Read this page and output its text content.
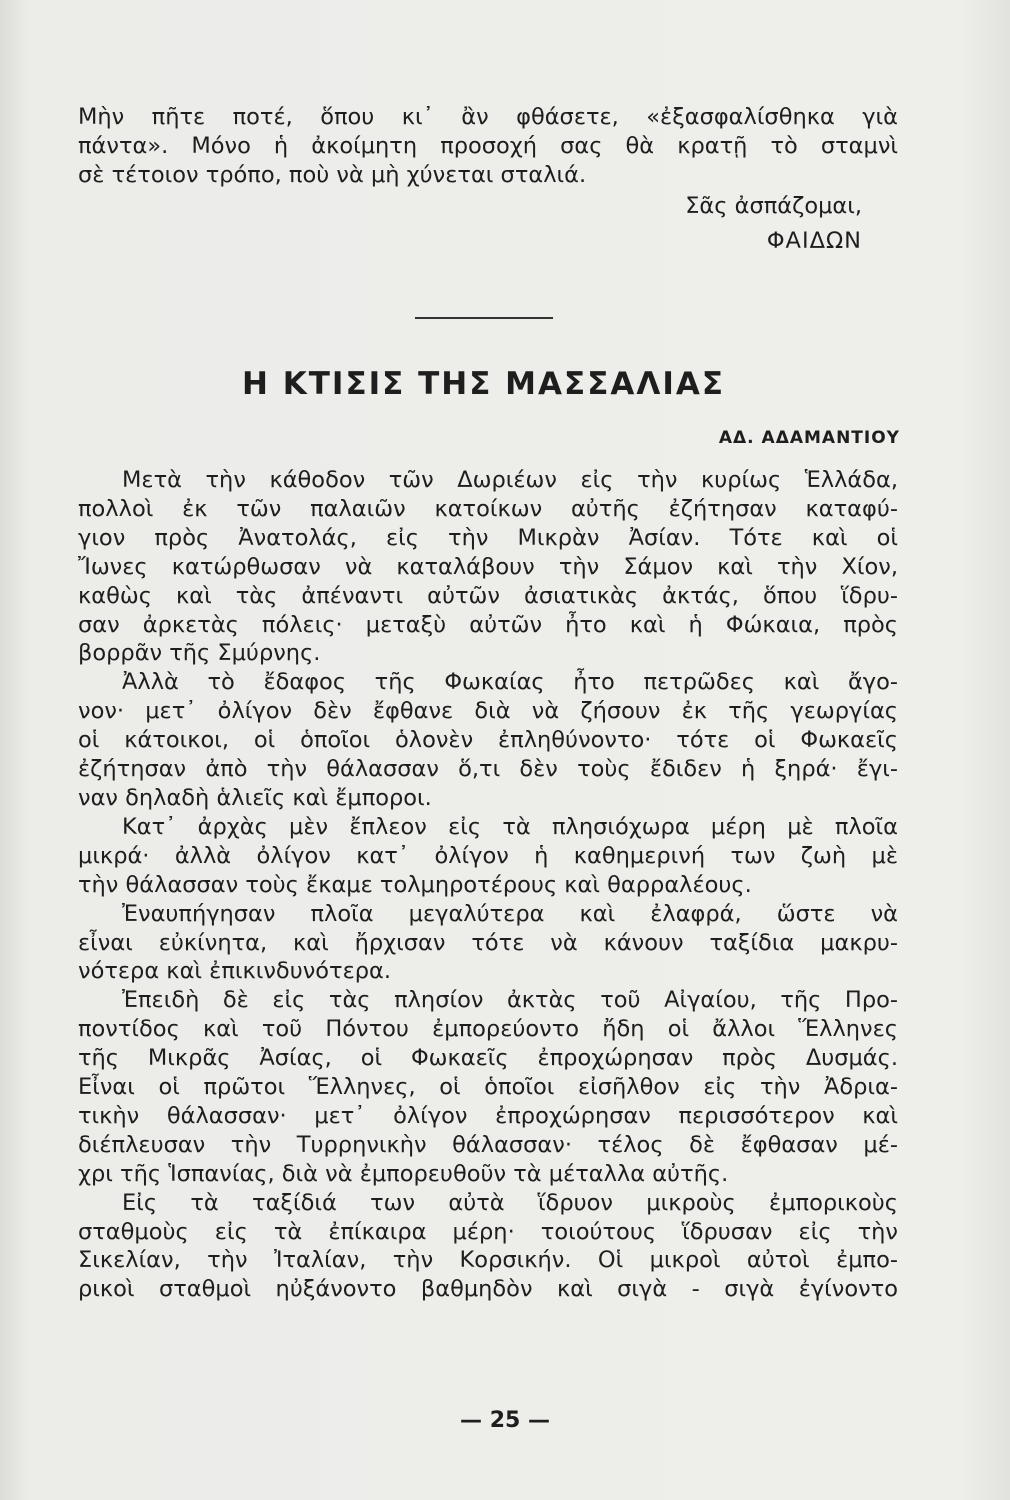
Μὴν πῆτε ποτέ, ὅπου κι᾽ ἂν φθάσετε, «ἐξασφαλίσθηκα γιὰ
πάντα». Μόνο ἡ ἀκοίμητη προσοχή σας θὰ κρατῇ τὸ σταμνὶ
σὲ τέτοιον τρόπο, ποὺ νὰ μὴ χύνεται σταλιά.

Σᾶς ἀσπάζομαι,
ΦΑΙΔΩΝ
Η ΚΤΙΣΙΣ ΤΗΣ ΜΑΣΣΑΛΙΑΣ
ΑΔ. ΑΔΑΜΑΝΤΙΟΥ

Μετὰ τὴν κάθοδον τῶν Δωριέων εἰς τὴν κυρίως Ἑλλάδα,
πολλοὶ ἐκ τῶν παλαιῶν κατοίκων αὐτῆς ἐζήτησαν καταφύ-
γιον πρὸς Ἀνατολάς, εἰς τὴν Μικρὰν Ἀσίαν. Τότε καὶ οἱ
Ἴωνες κατώρθωσαν νὰ καταλάβουν τὴν Σάμον καὶ τὴν Χίον,
καθὼς καὶ τὰς ἀπέναντι αὐτῶν ἀσιατικὰς ἀκτάς, ὅπου ἵδρυ-
σαν ἀρκετὰς πόλεις· μεταξὺ αὐτῶν ἦτο καὶ ἡ Φώκαια, πρὸς
βορρᾶν τῆς Σμύρνης.
Ἀλλὰ τὸ ἔδαφος τῆς Φωκαίας ἦτο πετρῶδες καὶ ἄγο-
νον· μετ᾽ ὀλίγον δὲν ἔφθανε διὰ νὰ ζήσουν ἐκ τῆς γεωργίας
οἱ κάτοικοι, οἱ ὁποῖοι ὁλονὲν ἐπληθύνοντο· τότε οἱ Φωκαεῖς
ἐζήτησαν ἀπὸ τὴν θάλασσαν ὅ,τι δὲν τοὺς ἔδιδεν ἡ ξηρά· ἔγι-
ναν δηλαδὴ ἁλιεῖς καὶ ἔμποροι.
Κατ᾽ ἀρχὰς μὲν ἔπλεον εἰς τὰ πλησιόχωρα μέρη μὲ πλοῖα
μικρά· ἀλλὰ ὀλίγον κατ᾽ ὀλίγον ἡ καθημερινή των ζωὴ μὲ
τὴν θάλασσαν τοὺς ἔκαμε τολμηροτέρους καὶ θαρραλέους.
Ἐναυπήγησαν πλοῖα μεγαλύτερα καὶ ἐλαφρά, ὥστε νὰ
εἶναι εὐκίνητα, καὶ ἤρχισαν τότε νὰ κάνουν ταξίδια μακρυ-
νότερα καὶ ἐπικινδυνότερα.
Ἐπειδὴ δὲ εἰς τὰς πλησίον ἀκτὰς τοῦ Αἰγαίου, τῆς Προ-
ποντίδος καὶ τοῦ Πόντου ἐμπορεύοντο ἤδη οἱ ἄλλοι Ἕλληνες
τῆς Μικρᾶς Ἀσίας, οἱ Φωκαεῖς ἐπροχώρησαν πρὸς Δυσμάς.
Εἶναι οἱ πρῶτοι Ἕλληνες, οἱ ὁποῖοι εἰσῆλθον εἰς τὴν Ἀδρια-
τικὴν θάλασσαν· μετ᾽ ὀλίγον ἐπροχώρησαν περισσότερον καὶ
διέπλευσαν τὴν Τυρρηνικὴν θάλασσαν· τέλος δὲ ἔφθασαν μέ-
χρι τῆς Ἱσπανίας, διὰ νὰ ἐμπορευθοῦν τὰ μέταλλα αὐτῆς.
Εἰς τὰ ταξίδιά των αὐτὰ ἵδρυον μικροὺς ἐμπορικοὺς
σταθμοὺς εἰς τὰ ἐπίκαιρα μέρη· τοιούτους ἵδρυσαν εἰς τὴν
Σικελίαν, τὴν Ἰταλίαν, τὴν Κορσικήν. Οἱ μικροὶ αὐτοὶ ἐμπο-
ρικοὶ σταθμοὶ ηὐξάνοντο βαθμηδὸν καὶ σιγὰ - σιγὰ ἐγίνοντο

— 25 —
